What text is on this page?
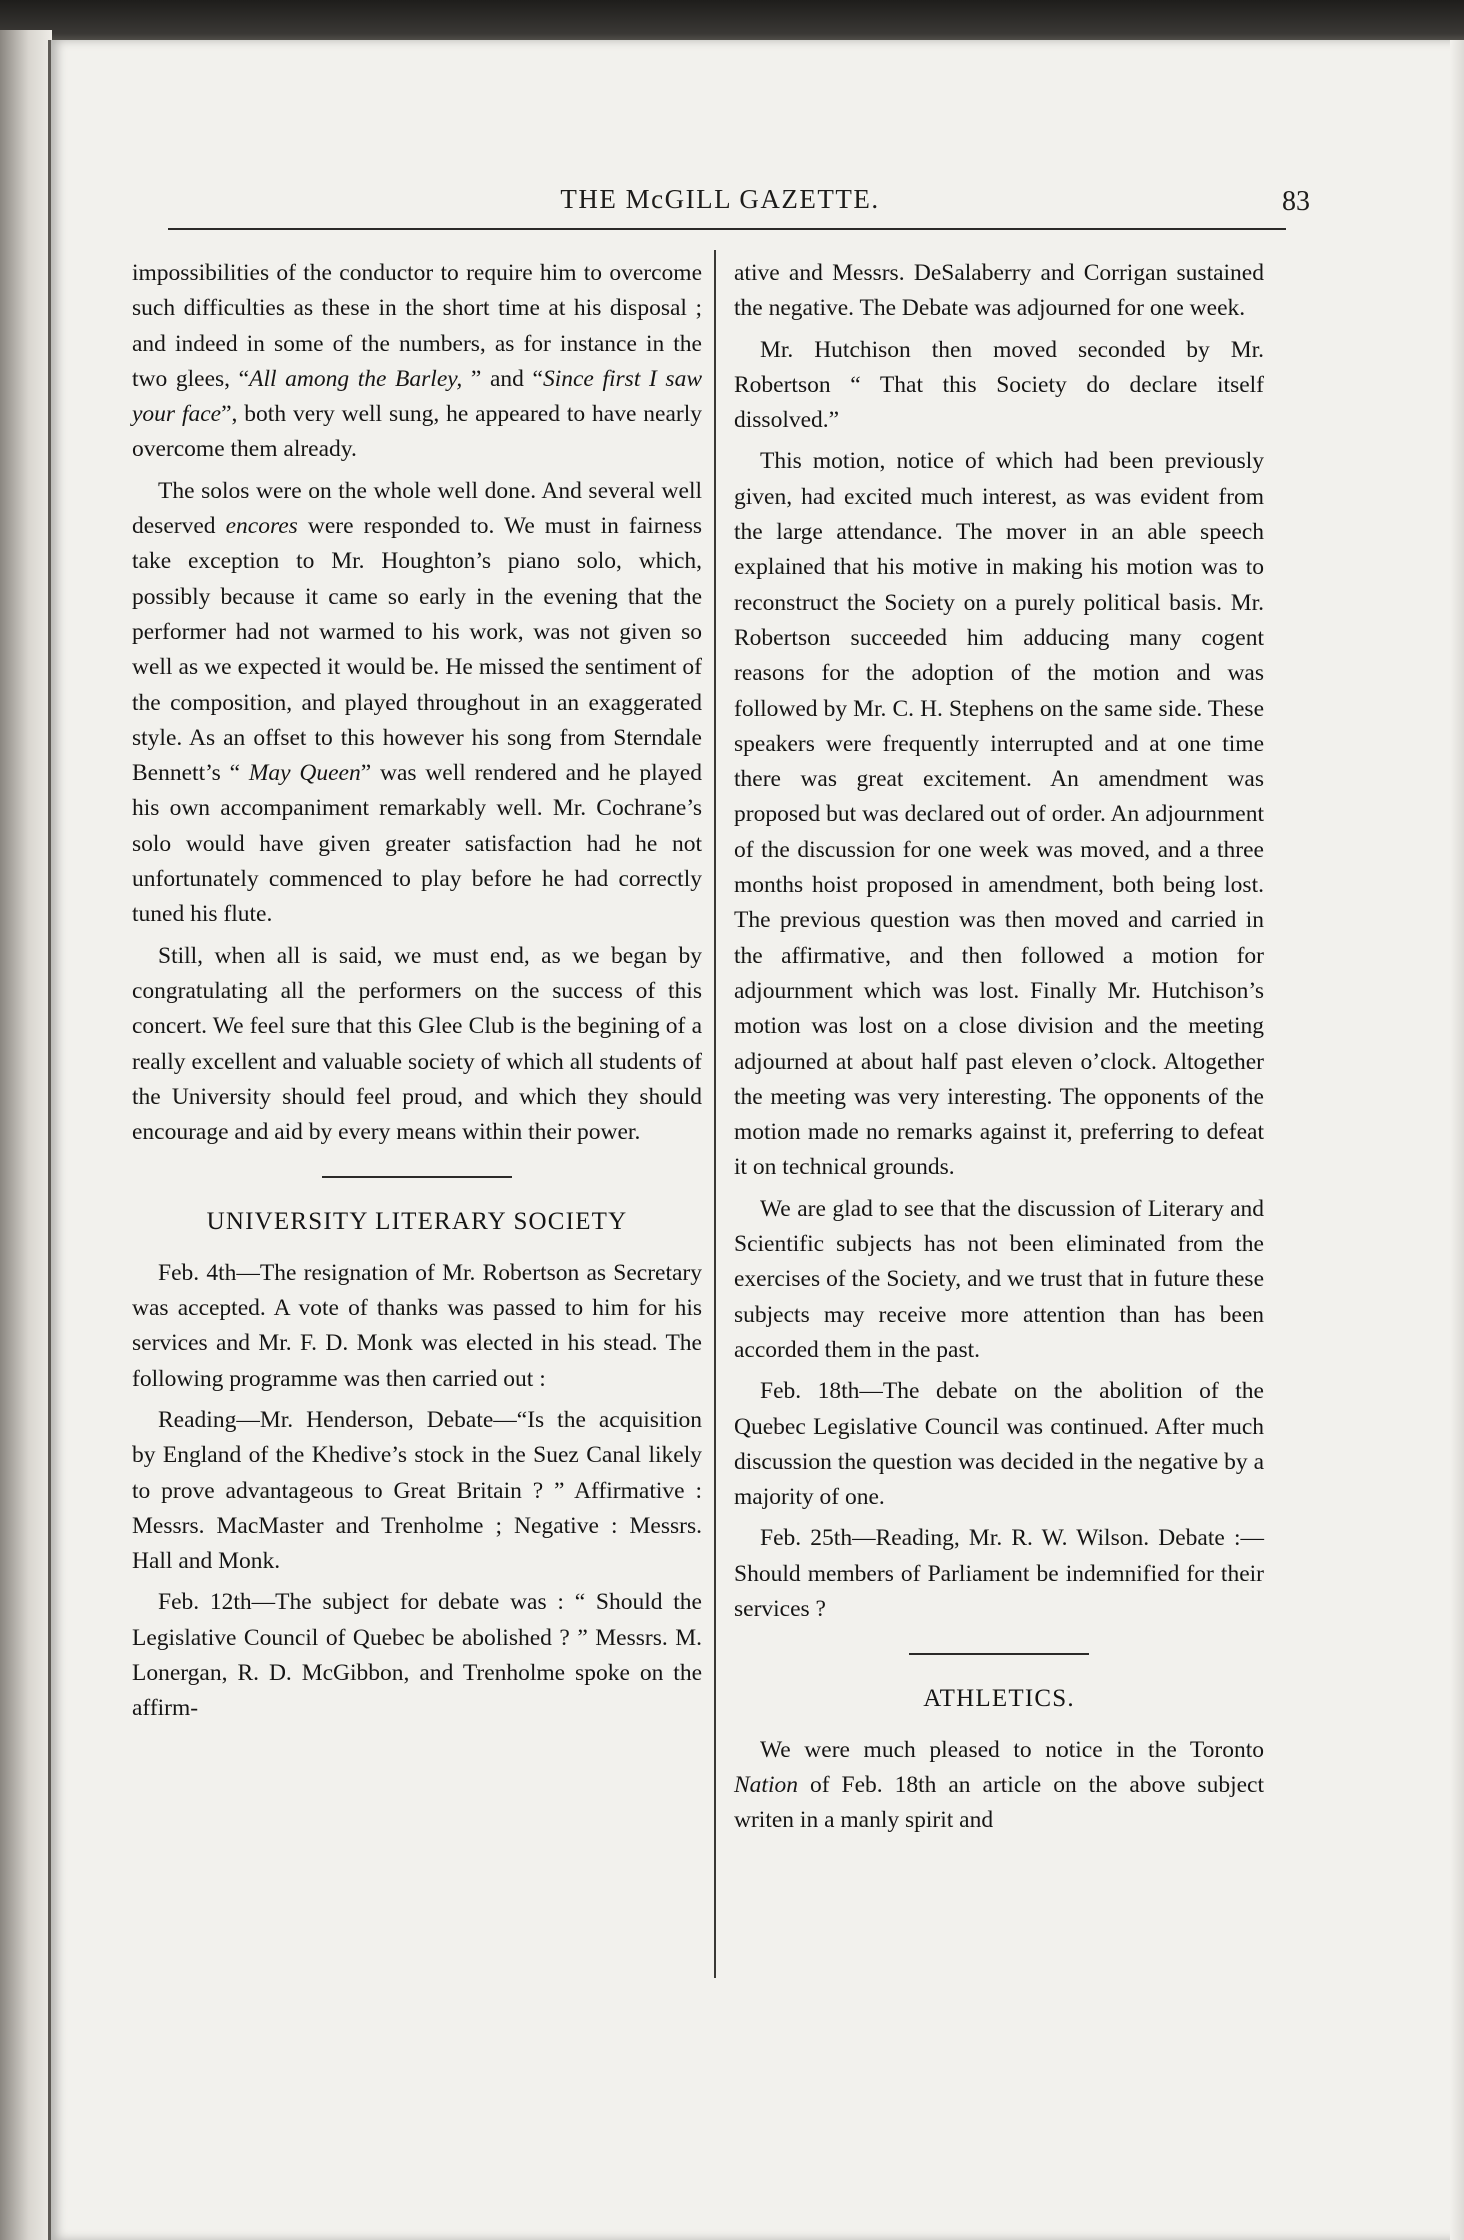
THE McGILL GAZETTE.	83

impossibilities of the conductor to require him to overcome such difficulties as these in the short time at his disposal ; and indeed in some of the numbers, as for instance in the two glees, “All among the Barley, ” and “Since first I saw your face”, both very well sung, he appeared to have nearly overcome them already.

The solos were on the whole well done. And several well deserved encores were responded to. We must in fairness take exception to Mr. Houghton’s piano solo, which, possibly because it came so early in the evening that the performer had not warmed to his work, was not given so well as we expected it would be. He missed the sentiment of the composition, and played throughout in an exaggerated style. As an offset to this however his song from Sterndale Bennett’s “ May Queen” was well rendered and he played his own accompaniment remarkably well. Mr. Cochrane’s solo would have given greater satisfaction had he not unfortunately commenced to play before he had correctly tuned his flute.

Still, when all is said, we must end, as we began by congratulating all the performers on the success of this concert. We feel sure that this Glee Club is the begining of a really excellent and valuable society of which all students of the University should feel proud, and which they should encourage and aid by every means within their power.

UNIVERSITY LITERARY SOCIETY

Feb. 4th—The resignation of Mr. Robertson as Secretary was accepted. A vote of thanks was passed to him for his services and Mr. F. D. Monk was elected in his stead. The following programme was then carried out :

Reading—Mr. Henderson, Debate—“Is the acquisition by England of the Khedive’s stock in the Suez Canal likely to prove advantageous to Great Britain ? ” Affirmative : Messrs. MacMaster and Trenholme ; Negative : Messrs. Hall and Monk.

Feb. 12th—The subject for debate was : “ Should the Legislative Council of Quebec be abolished ? ” Messrs. M. Lonergan, R. D. McGibbon, and Trenholme spoke on the affirm-

ative and Messrs. DeSalaberry and Corrigan sustained the negative. The Debate was adjourned for one week.

Mr. Hutchison then moved seconded by Mr. Robertson “ That this Society do declare itself dissolved.”

This motion, notice of which had been previously given, had excited much interest, as was evident from the large attendance. The mover in an able speech explained that his motive in making his motion was to reconstruct the Society on a purely political basis. Mr. Robertson succeeded him adducing many cogent reasons for the adoption of the motion and was followed by Mr. C. H. Stephens on the same side. These speakers were frequently interrupted and at one time there was great excitement. An amendment was proposed but was declared out of order. An adjournment of the discussion for one week was moved, and a three months hoist proposed in amendment, both being lost. The previous question was then moved and carried in the affirmative, and then followed a motion for adjournment which was lost. Finally Mr. Hutchison’s motion was lost on a close division and the meeting adjourned at about half past eleven o’clock. Altogether the meeting was very interesting. The opponents of the motion made no remarks against it, preferring to defeat it on technical grounds.

We are glad to see that the discussion of Literary and Scientific subjects has not been eliminated from the exercises of the Society, and we trust that in future these subjects may receive more attention than has been accorded them in the past.

Feb. 18th—The debate on the abolition of the Quebec Legislative Council was continued. After much discussion the question was decided in the negative by a majority of one.

Feb. 25th—Reading, Mr. R. W. Wilson. Debate :—Should members of Parliament be indemnified for their services ?

ATHLETICS.

We were much pleased to notice in the Toronto Nation of Feb. 18th an article on the above subject writen in a manly spirit and
